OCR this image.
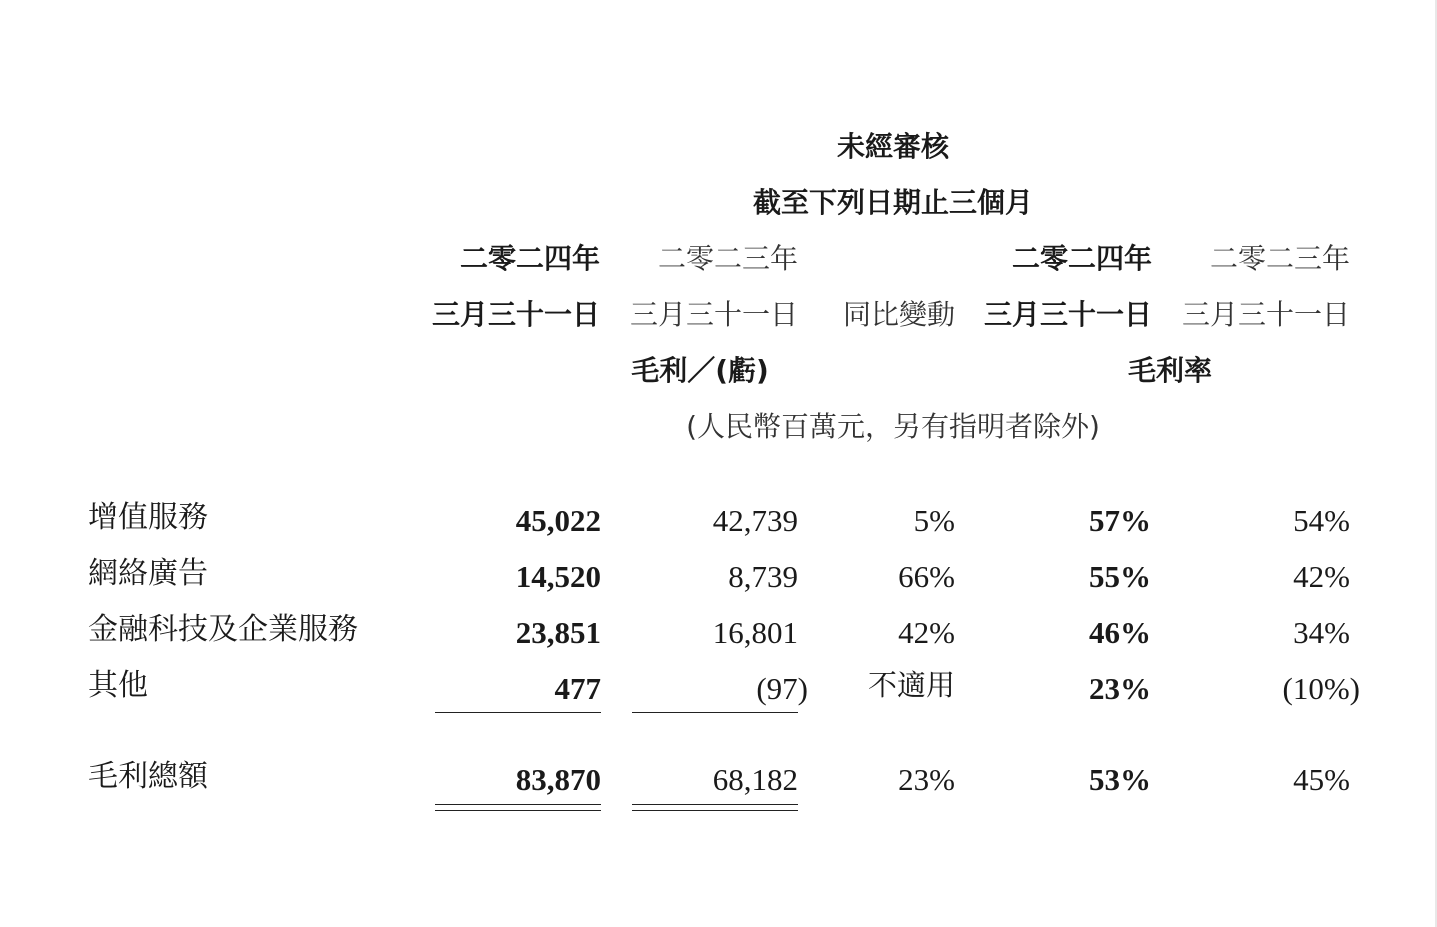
未經審核
截至下列日期止三個月
二零二四年 二零二三年	二零二四年 二零二三年
三月三十一日 三月三十一日 同比變動 三月三十一日 三月三十一日
毛利／(虧)	毛利率
(人民幣百萬元，另有指明者除外)
增值服務	45,022	42,739	5%	57%	54%
網絡廣告	14,520	8,739	66%	55%	42%
金融科技及企業服務	23,851	16,801	42%	46%	34%
其他	477	(97) 不適用	23%	(10%)
毛利總額	83,870	68,182	23%	53%	45%
